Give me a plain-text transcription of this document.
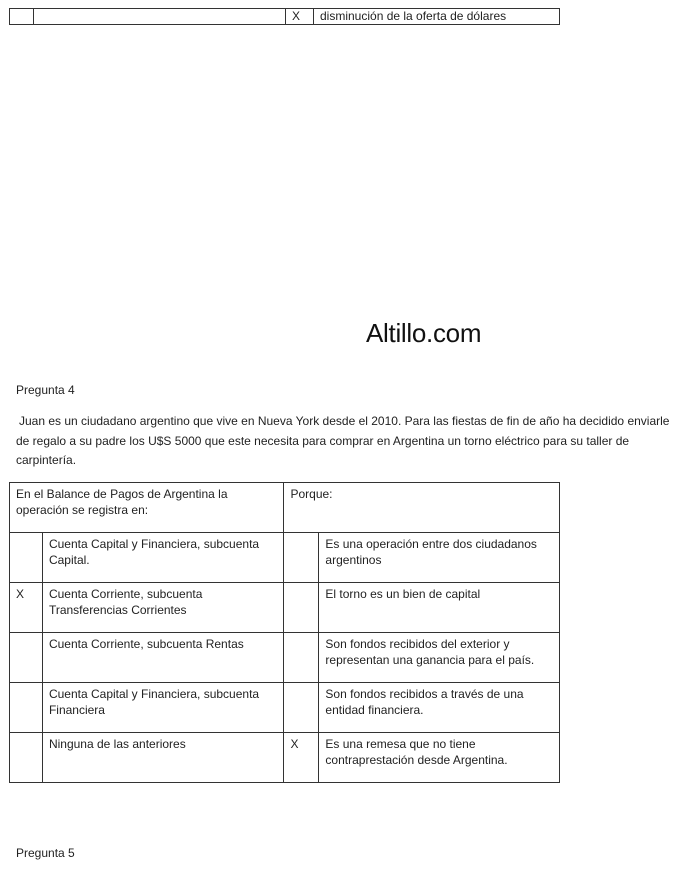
		X	disminución de la oferta de dólares
Altillo.com
Pregunta 4
Juan es un ciudadano argentino que vive en Nueva York desde el 2010. Para las fiestas de fin de año ha decidido enviarle de regalo a su padre los U$S 5000 que este necesita para comprar en Argentina un torno eléctrico para su taller de carpintería.
En el Balance de Pagos de Argentina la operación se registra en:		Porque:	
	Cuenta Capital y Financiera, subcuenta Capital.		Es una operación entre dos ciudadanos argentinos
X	Cuenta Corriente, subcuenta Transferencias Corrientes		El torno es un bien de capital
	Cuenta Corriente, subcuenta Rentas		Son fondos recibidos del exterior y representan una ganancia para el país.
	Cuenta Capital y Financiera, subcuenta Financiera		Son fondos recibidos a través de una entidad financiera.
	Ninguna de las anteriores	X	Es una remesa que no tiene contraprestación desde Argentina.
Pregunta 5
